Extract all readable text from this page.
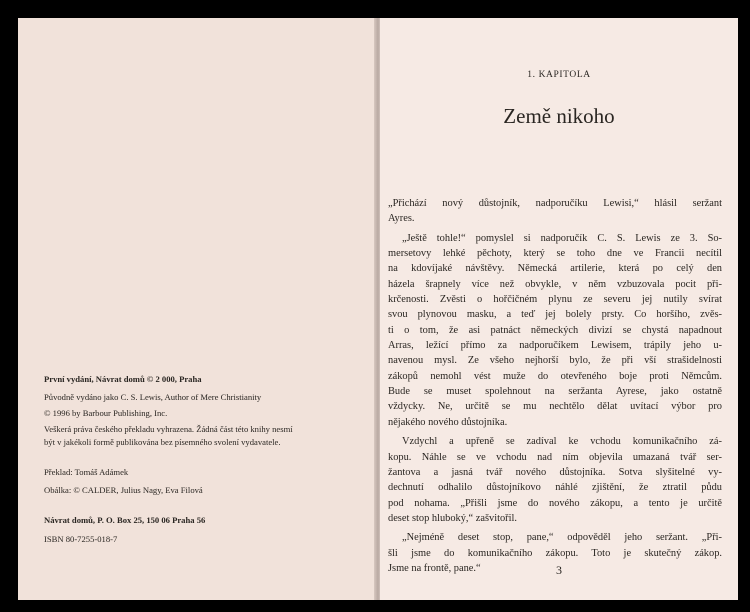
1. KAPITOLA
Země nikoho
3
První vydání, Návrat domů © 2 000, Praha
Původně vydáno jako C. S. Lewis, Author of Mere Christianity
© 1996 by Barbour Publishing, Inc.
Veškerá práva českého překladu vyhrazena. Žádná část této knihy nesmí
být v jakékoli formě publikována bez písemného svolení vydavatele.
Překlad: Tomáš Adámek
Obálka: © CALDER, Julius Nagy, Eva Filová
Návrat domů, P. O. Box 25, 150 06 Praha 56
ISBN 80-7255-018-7

„Přichází nový důstojník, nadporučíku Lewisi,“ hlásil seržant
Ayres.

„Ještě tohle!“ pomyslel si nadporučík C. S. Lewis ze 3. So-
mersetovy lehké pěchoty, který se toho dne ve Francii necítil
na kdovíjaké návštěvy. Německá artilerie, která po celý den
házela šrapnely více než obvykle, v něm vzbuzovala pocit při-
krčenosti. Zvěsti o hořčičném plynu ze severu jej nutily svírat
svou plynovou masku, a teď jej bolely prsty. Co horšího, zvěs-
ti o tom, že asi patnáct německých divizí se chystá napadnout
Arras, ležící přímo za nadporučíkem Lewisem, trápily jeho u-
navenou mysl. Ze všeho nejhorší bylo, že při vší strašidelnosti
zákopů nemohl vést muže do otevřeného boje proti Němcům.
Bude se muset spolehnout na seržanta Ayrese, jako ostatně
vždycky. Ne, určitě se mu nechtělo dělat uvítací výbor pro
nějakého nového důstojníka.

Vzdychl a upřeně se zadíval ke vchodu komunikačního zá-
kopu. Náhle se ve vchodu nad ním objevila umazaná tvář ser-
žantova a jasná tvář nového důstojníka. Sotva slyšitelné vy-
dechnutí odhalilo důstojníkovo náhlé zjištění, že ztratil půdu
pod nohama. „Přišli jsme do nového zákopu, a tento je určitě
deset stop hluboký,“ zašvitořil.

„Nejméně deset stop, pane,“ odpověděl jeho seržant. „Při-
šli jsme do komunikačního zákopu. Toto je skutečný zákop.
Jsme na frontě, pane.“
